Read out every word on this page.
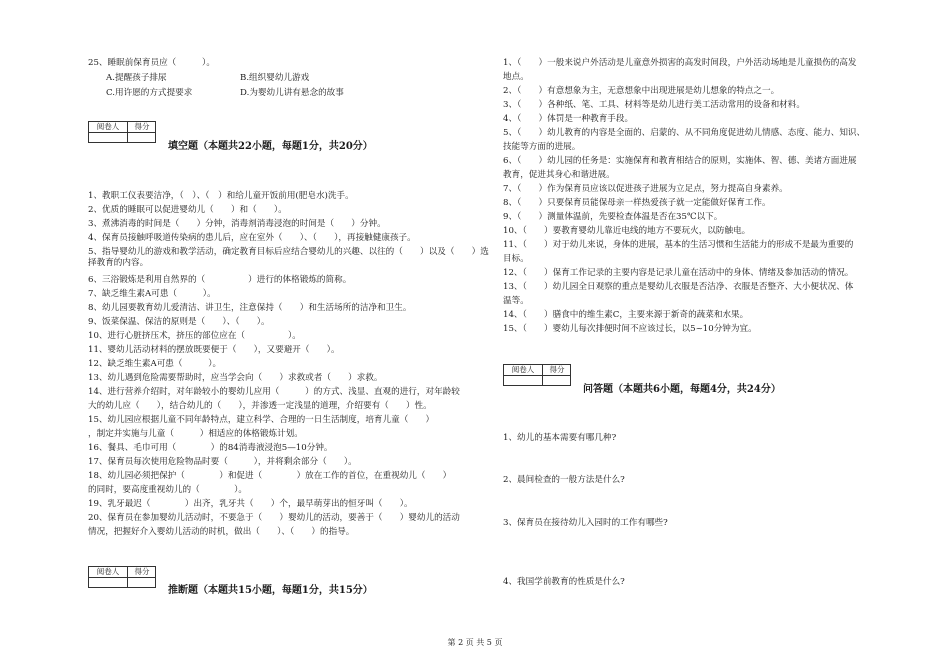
25、睡眠前保育员应（　　　）。
A.提醒孩子排尿	B.组织婴幼儿游戏
C.用许愿的方式提要求	D.为婴幼儿讲有悬念的故事
阅卷人	得分
填空题（本题共22小题，每题1分，共20分）
1、教职工仪表要洁净，（　）、（　）和给儿童开饭前用(肥皂水)洗手。
2、优质的睡眠可以促进婴幼儿（　　）和（　　）。
3、煮沸消毒的时间是（　　）分钟，消毒剂消毒浸泡的时间是（　　）分钟。
4、保育员接触呼吸道传染病的患儿后，应在室外（　　）、（　　），再接触健康孩子。
5、指导婴幼儿的游戏和教学活动，确定教育目标后应结合婴幼儿的兴趣、以往的（　　）以及（　　）选择教育的内容。
6、三浴锻炼是利用自然界的（　　　　　）进行的体格锻炼的简称。
7、缺乏维生素A可患（　　　）。
8、幼儿园要教育幼儿爱清洁、讲卫生，注意保持（　　）和生活场所的洁净和卫生。
9、饭菜保温、保洁的原则是（　　）、（　　）。
10、进行心脏挤压术，挤压的部位应在（　　　　　）。
11、婴幼儿活动材料的摆放既要便于（　　），又要避开（　　）。
12、缺乏维生素A可患（　　　）。
13、幼儿遇到危险需要帮助时，应当学会向（　　）求救或者（　　）求救。
14、进行营养介绍时，对年龄较小的婴幼儿应用（　　　）的方式、浅显、直观的进行，对年龄较
大的幼儿应（　　），结合幼儿的（　　），并渗透一定浅显的道理，介绍要有（　　）性。
15、幼儿园应根据儿童不同年龄特点，建立科学、合理的一日生活制度，培育儿童（　　）
，制定并实施与儿童（　　　）相适应的体格锻炼计划。
16、餐具、毛巾可用（　　　　）的84消毒液浸泡5—10分钟。
17、保育员每次使用危险物品时要（　　　），并将剩余部分（　　）。
18、幼儿园必须把保护（　　　　）和促进（　　　　）放在工作的首位，在重视幼儿（　　）
的同时，要高度重视幼儿的（　　　　）。
19、乳牙最迟（　　　　）出齐，乳牙共（　　）个，最早萌芽出的恒牙叫（　　）。
20、保育员在参加婴幼儿活动时，不要急于（　　）婴幼儿的活动，要善于（　　）婴幼儿的活动
情况，把握好介入婴幼儿活动的时机，做出（　　）、（　　）的指导。
阅卷人	得分
推断题（本题共15小题，每题1分，共15分）
1、（　　）一般来说户外活动是儿童意外损害的高发时间段，户外活动场地是儿童损伤的高发
地点。
2、（　　）有意想象为主，无意想象中出现进展是幼儿想象的特点之一。
3、（　　）各种纸、笔、工具、材料等是幼儿进行美工活动常用的设备和材料。
4、（　　）体罚是一种教育手段。
5、（　　）幼儿教育的内容是全面的、启蒙的、从不同角度促进幼儿情感、态度、能力、知识、
技能等方面的进展。
6、（　　）幼儿园的任务是：实施保育和教育相结合的原则，实施体、智、德、美诸方面进展
教育，促进其身心和谐进展。
7、（　　）作为保育员应该以促进孩子进展为立足点，努力提高自身素养。
8、（　　）只要保育员能保母亲一样热爱孩子就一定能做好保育工作。
9、（　　）测量体温前，先要检查体温是否在35℃以下。
10、（　　）要教育婴幼儿靠近电线的地方不要玩火，以防触电。
11、（　　）对于幼儿来说，身体的进展，基本的生活习惯和生活能力的形成不是最为重要的
目标。
12、（　　）保育工作记录的主要内容是记录儿童在活动中的身体、情绪及参加活动的情况。
13、（　　）幼儿园全日观察的重点是婴幼儿衣服是否洁净、衣服是否整齐、大小便状况、体
温等。
14、（　　）膳食中的维生素C，主要来源于新奇的蔬菜和水果。
15、（　　）婴幼儿每次排便时间不应该过长，以5~10分钟为宜。
阅卷人	得分
问答题（本题共6小题，每题4分，共24分）
1、幼儿的基本需要有哪几种?
2、晨间检查的一般方法是什么?
3、保育员在接待幼儿入园时的工作有哪些?
4、我国学前教育的性质是什么?
第 2 页 共 5 页
